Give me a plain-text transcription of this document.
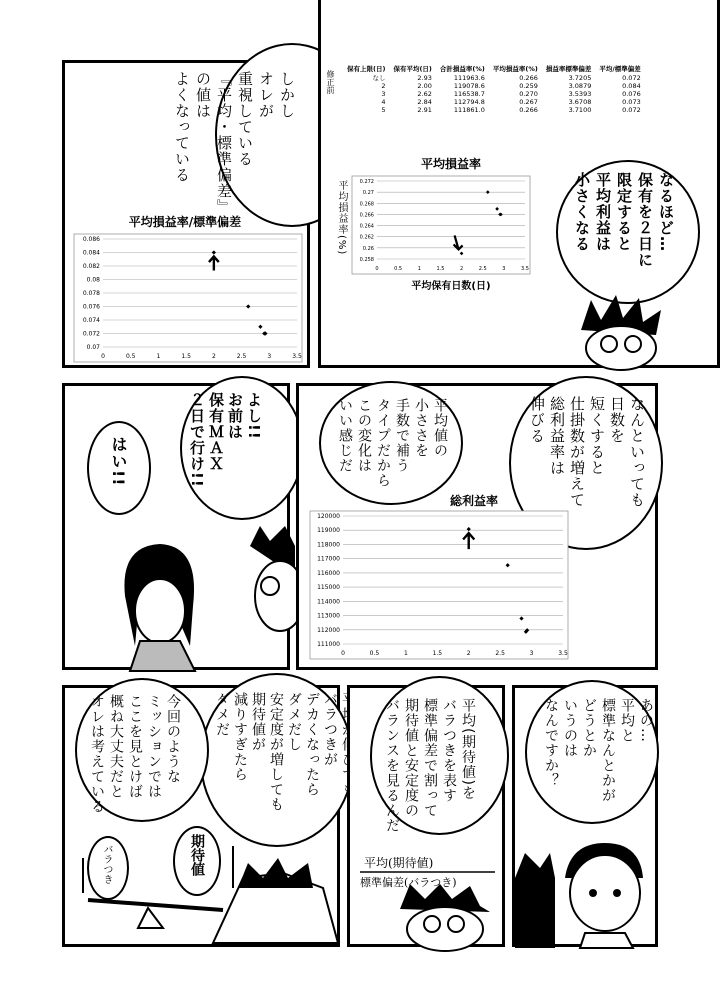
しかし
オレが
重視している
『平均・標準偏差』
の値は
よくなっている
平均損益率/標準偏差
0.07
0.072
0.074
0.076
0.078
0.08
0.082
0.084
0.086
0	0.5	1	1.5	2	2.5	3	3.5
修正前
保有上限(日)	保有平均(日)	合計損益率(%)	平均損益率(%)	損益率標準偏差	平均/標準偏差
なし	2.93	111963.6	0.266	3.7205	0.072
2	2.00	119078.6	0.259	3.0879	0.084
3	2.62	116538.7	0.270	3.5393	0.076
4	2.84	112794.8	0.267	3.6708	0.073
5	2.91	111861.0	0.266	3.7100	0.072
平均損益率
平均損益率(%)
0.258
0.26
0.262
0.264
0.266
0.268
0.27
0.272
0	0.5	1	1.5	2	2.5	3	3.5
平均保有日数(日)
なるほど…
保有を２日に
限定すると
平均利益は
小さくなる
よし!!
お前は
保有ＭＡＸ
２日で行け!!
はい!!	なんといっても
日数を
短くすると
仕掛数が増えて
総利益率は
伸びる
平均値の
小ささを
手数で補う
タイプだから
この変化は
いい感じだ
総利益率
111000
112000
113000
114000
115000
116000
117000
118000
119000
120000
0	0.5	1	1.5	2	2.5	3	3.5

バラつきが
デカくなったら
ダメだし
安定度が増しても
期待値が
減りすぎたら
ダメだ
今回のような
ミッションでは
ここを見とけば
概ね大丈夫だと
オレは考えている
バラつき	期待値
平均(期待値)を
バラつきを表す
標準偏差で割って
期待値と安定度の
バランスを見るんだ
平均(期待値)
標準偏差(バラつき)
あの…
平均と
標準なんとかが
どうとか
いうのは
なんですか？
